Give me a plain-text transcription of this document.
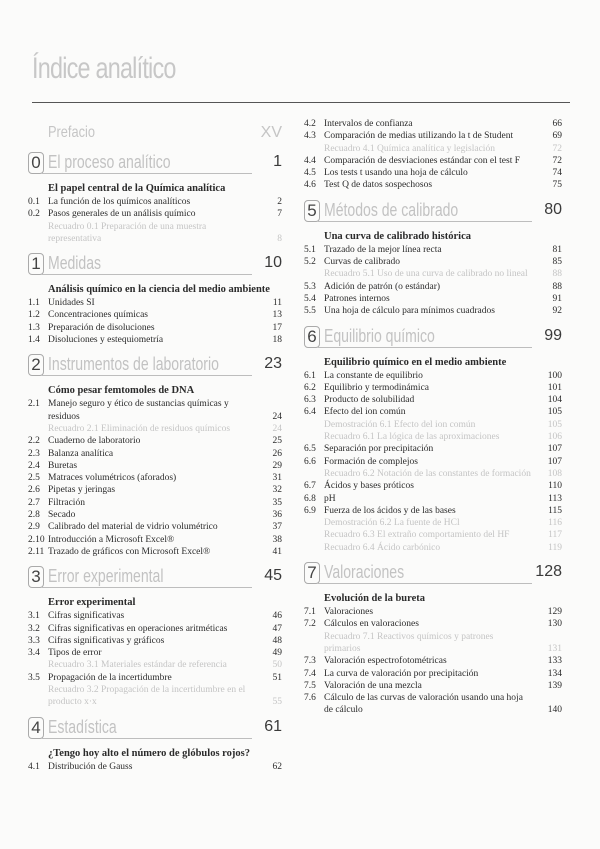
Índice analítico
Prefacio	XV
0 El proceso analítico	1
El papel central de la Química analítica
0.1 La función de los químicos analíticos	2
0.2 Pasos generales de un análisis químico	7
Recuadro 0.1 Preparación de una muestra representativa	8
1 Medidas	10
Análisis químico en la ciencia del medio ambiente
1.1 Unidades SI	11
1.2 Concentraciones químicas	13
1.3 Preparación de disoluciones	17
1.4 Disoluciones y estequiometría	18
2 Instrumentos de laboratorio	23
Cómo pesar femtomoles de DNA
2.1 Manejo seguro y ético de sustancias químicas y residuos	24
Recuadro 2.1 Eliminación de residuos químicos	24
2.2 Cuaderno de laboratorio	25
2.3 Balanza analítica	26
2.4 Buretas	29
2.5 Matraces volumétricos (aforados)	31
2.6 Pipetas y jeringas	32
2.7 Filtración	35
2.8 Secado	36
2.9 Calibrado del material de vidrio volumétrico	37
2.10 Introducción a Microsoft Excel®	38
2.11 Trazado de gráficos con Microsoft Excel®	41
3 Error experimental	45
Error experimental
3.1 Cifras significativas	46
3.2 Cifras significativas en operaciones aritméticas	47
3.3 Cifras significativas y gráficos	48
3.4 Tipos de error	49
Recuadro 3.1 Materiales estándar de referencia	50
3.5 Propagación de la incertidumbre	51
Recuadro 3.2 Propagación de la incertidumbre en el producto x·x	55
4 Estadística	61
¿Tengo hoy alto el número de glóbulos rojos?
4.1 Distribución de Gauss	62
4.2 Intervalos de confianza	66
4.3 Comparación de medias utilizando la t de Student	69
Recuadro 4.1 Química analítica y legislación	72
4.4 Comparación de desviaciones estándar con el test F	72
4.5 Los tests t usando una hoja de cálculo	74
4.6 Test Q de datos sospechosos	75
5 Métodos de calibrado	80
Una curva de calibrado histórica
5.1 Trazado de la mejor línea recta	81
5.2 Curvas de calibrado	85
Recuadro 5.1 Uso de una curva de calibrado no lineal	88
5.3 Adición de patrón (o estándar)	88
5.4 Patrones internos	91
5.5 Una hoja de cálculo para mínimos cuadrados	92
6 Equilibrio químico	99
Equilibrio químico en el medio ambiente
6.1 La constante de equilibrio	100
6.2 Equilibrio y termodinámica	101
6.3 Producto de solubilidad	104
6.4 Efecto del ion común	105
Demostración 6.1 Efecto del ion común	105
Recuadro 6.1 La lógica de las aproximaciones	106
6.5 Separación por precipitación	107
6.6 Formación de complejos	107
Recuadro 6.2 Notación de las constantes de formación 108
6.7 Ácidos y bases próticos	110
6.8 pH	113
6.9 Fuerza de los ácidos y de las bases	115
Demostración 6.2 La fuente de HCl	116
Recuadro 6.3 El extraño comportamiento del HF	117
Recuadro 6.4 Ácido carbónico	119
7 Valoraciones	128
Evolución de la bureta
7.1 Valoraciones	129
7.2 Cálculos en valoraciones	130
Recuadro 7.1 Reactivos químicos y patrones primarios	131
7.3 Valoración espectrofotométricas	133
7.4 La curva de valoración por precipitación	134
7.5 Valoración de una mezcla	139
7.6 Cálculo de las curvas de valoración usando una hoja de cálculo	140
